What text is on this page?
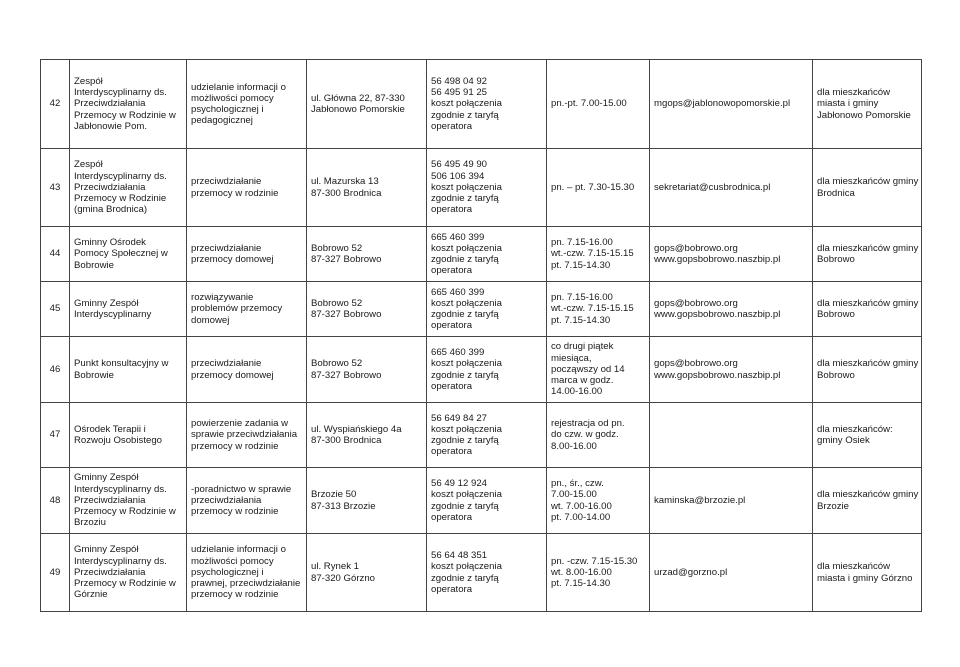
42	Zespół Interdyscyplinarny ds. Przeciwdziałania Przemocy w Rodzinie w Jabłonowie Pom.	udzielanie informacji o możliwości pomocy psychologicznej i pedagogicznej	ul. Główna 22, 87-330
Jabłonowo Pomorskie	56 498 04 92
56 495 91 25
koszt połączenia
zgodnie z taryfą
operatora	pn.-pt. 7.00-15.00	mgops@jablonowopomorskie.pl	dla mieszkańców
miasta i gminy
Jabłonowo Pomorskie

43	Zespół Interdyscyplinarny ds. Przeciwdziałania Przemocy w Rodzinie (gmina Brodnica)	przeciwdziałanie przemocy w rodzinie	ul. Mazurska 13
87-300 Brodnica	56 495 49 90
506 106 394
koszt połączenia
zgodnie z taryfą
operatora	pn. – pt. 7.30-15.30	sekretariat@cusbrodnica.pl	dla mieszkańców gminy
Brodnica

44	Gminny Ośrodek Pomocy Społecznej w Bobrowie	przeciwdziałanie przemocy domowej	Bobrowo 52
87-327 Bobrowo	665 460 399
koszt połączenia
zgodnie z taryfą
operatora	pn. 7.15-16.00
wt.-czw. 7.15-15.15
pt. 7.15-14.30	gops@bobrowo.org
www.gopsbobrowo.naszbip.pl	dla mieszkańców gminy
Bobrowo

45	Gminny Zespół Interdyscyplinarny	rozwiązywanie problemów przemocy domowej	Bobrowo 52
87-327 Bobrowo	665 460 399
koszt połączenia
zgodnie z taryfą
operatora	pn. 7.15-16.00
wt.-czw. 7.15-15.15
pt. 7.15-14.30	gops@bobrowo.org
www.gopsbobrowo.naszbip.pl	dla mieszkańców gminy
Bobrowo

46	Punkt konsultacyjny w Bobrowie	przeciwdziałanie przemocy domowej	Bobrowo 52
87-327 Bobrowo	665 460 399
koszt połączenia
zgodnie z taryfą
operatora	co drugi piątek
miesiąca,
począwszy od 14
marca w godz.
14.00-16.00	gops@bobrowo.org
www.gopsbobrowo.naszbip.pl	dla mieszkańców gminy
Bobrowo

47	Ośrodek Terapii i Rozwoju Osobistego	powierzenie zadania w sprawie przeciwdziałania przemocy w rodzinie	ul. Wyspiańskiego 4a
87-300 Brodnica	56 649 84 27
koszt połączenia
zgodnie z taryfą
operatora	rejestracja od pn.
do czw. w godz.
8.00-16.00		dla mieszkańców:
gminy Osiek

48	Gminny Zespół Interdyscyplinarny ds. Przeciwdziałania Przemocy w Rodzinie w Brzoziu	-poradnictwo w sprawie przeciwdziałania przemocy w rodzinie	Brzozie 50
87-313 Brzozie	56 49 12 924
koszt połączenia
zgodnie z taryfą
operatora	pn., śr., czw.
7.00-15.00
wt. 7.00-16.00
pt. 7.00-14.00	kaminska@brzozie.pl	dla mieszkańców gminy
Brzozie

49	Gminny Zespół Interdyscyplinarny ds. Przeciwdziałania Przemocy w Rodzinie w Górznie	udzielanie informacji o możliwości pomocy psychologicznej i prawnej, przeciwdziałanie przemocy w rodzinie	ul. Rynek 1
87-320 Górzno	56 64 48 351
koszt połączenia
zgodnie z taryfą
operatora	pn. -czw. 7.15-15.30
wt. 8.00-16.00
pt. 7.15-14.30	urzad@gorzno.pl	dla mieszkańców
miasta i gminy Górzno
